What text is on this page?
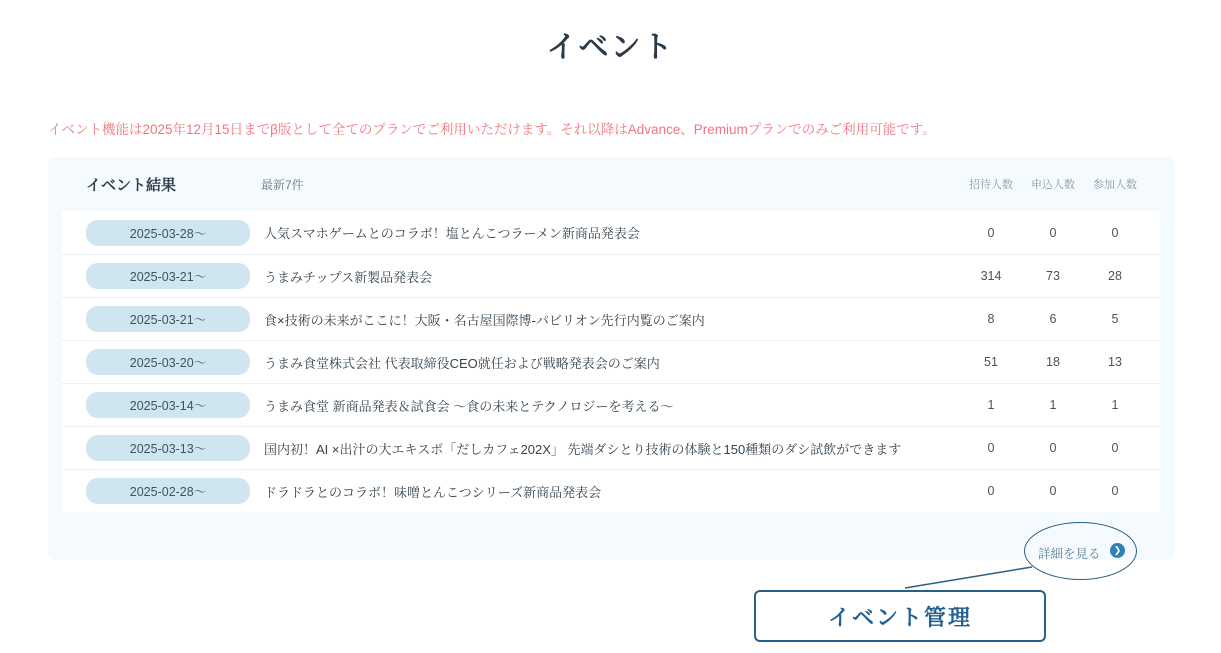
イベント
イベント機能は2025年12月15日までβ版として全てのプランでご利用いただけます。それ以降はAdvance、Premiumプランでのみご利用可能です。
イベント結果	最新7件	招待人数	申込人数	参加人数
2025-03-28〜	人気スマホゲームとのコラボ！塩とんこつラーメン新商品発表会	0	0	0
2025-03-21〜	うまみチップス新製品発表会	314	73	28
2025-03-21〜	食×技術の未来がここに！大阪・名古屋国際博-パビリオン先行内覧のご案内	8	6	5
2025-03-20〜	うまみ食堂株式会社 代表取締役CEO就任および戦略発表会のご案内	51	18	13
2025-03-14〜	うまみ食堂 新商品発表＆試食会 〜食の未来とテクノロジーを考える〜	1	1	1
2025-03-13〜	国内初！AI ×出汁の大エキスポ「だしカフェ202X」 先端ダシとり技術の体験と150種類のダシ試飲ができます	0	0	0
2025-02-28〜	ドラドラとのコラボ！味噌とんこつシリーズ新商品発表会	0	0	0
詳細を見る	❯
イベント管理
